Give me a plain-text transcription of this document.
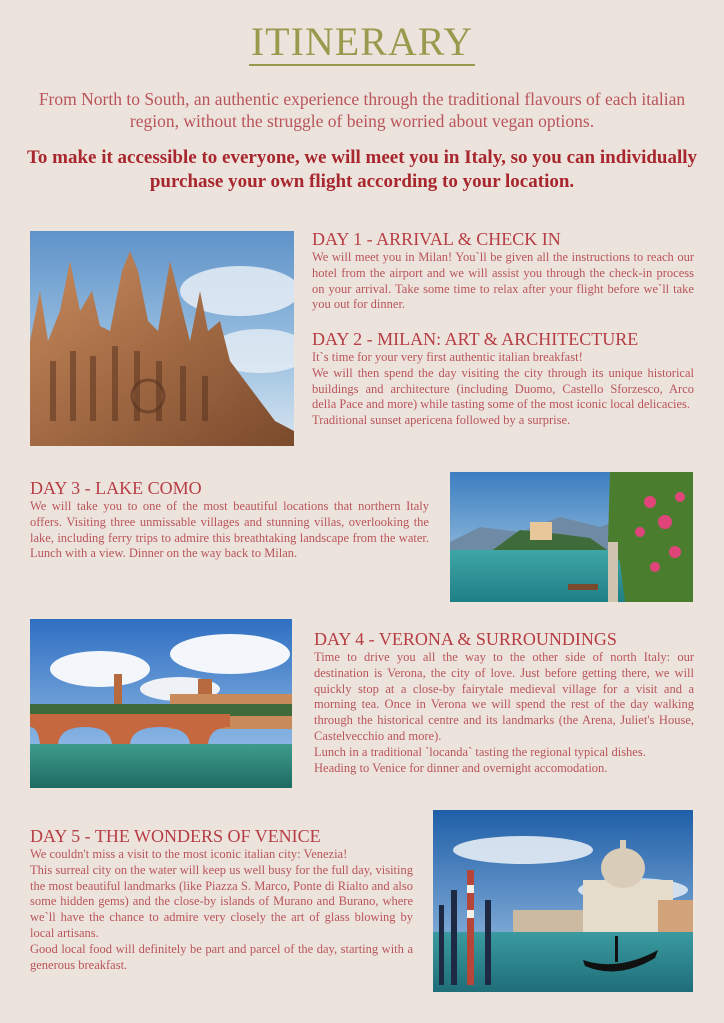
ITINERARY
From North to South, an authentic experience through the traditional flavours of each italian region, without the struggle of being worried about vegan options.
To make it accessible to everyone, we will meet you in Italy, so you can individually purchase your own flight according to your location.
DAY 1 - ARRIVAL & CHECK IN
We will meet you in Milan! You`ll be given all the instructions to reach our hotel from the airport and we will assist you through the check-in process on your arrival. Take some time to relax after your flight before we`ll take you out for dinner.
DAY 2 - MILAN: ART & ARCHITECTURE
It`s time for your very first authentic italian breakfast!
We will then spend the day visiting the city through its unique historical buildings and architecture (including Duomo, Castello Sforzesco, Arco della Pace and more) while tasting some of the most iconic local delicacies.
Traditional sunset apericena followed by a surprise.
DAY 3 - LAKE COMO
We will take you to one of the most beautiful locations that northern Italy offers. Visiting three unmissable villages and stunning villas, overlooking the lake, including ferry trips to admire this breathtaking landscape from the water. Lunch with a view. Dinner on the way back to Milan.
DAY 4 - VERONA & SURROUNDINGS
Time to drive you all the way to the other side of north Italy: our destination is Verona, the city of love. Just before getting there, we will quickly stop at a close-by fairytale medieval village for a visit and a morning tea. Once in Verona we will spend the rest of the day walking through the historical centre and its landmarks (the Arena, Juliet's House, Castelvecchio and more).
Lunch in a traditional `locanda` tasting the regional typical dishes.
Heading to Venice for dinner and overnight accomodation.
DAY 5 - THE WONDERS OF VENICE
We couldn't miss a visit to the most iconic italian city: Venezia!
This surreal city on the water will keep us well busy for the full day, visiting the most beautiful landmarks (like Piazza S. Marco, Ponte di Rialto and also some hidden gems) and the close-by islands of Murano and Burano, where we`ll have the chance to admire very closely the art of glass blowing by local artisans.
Good local food will definitely be part and parcel of the day, starting with a generous breakfast.
